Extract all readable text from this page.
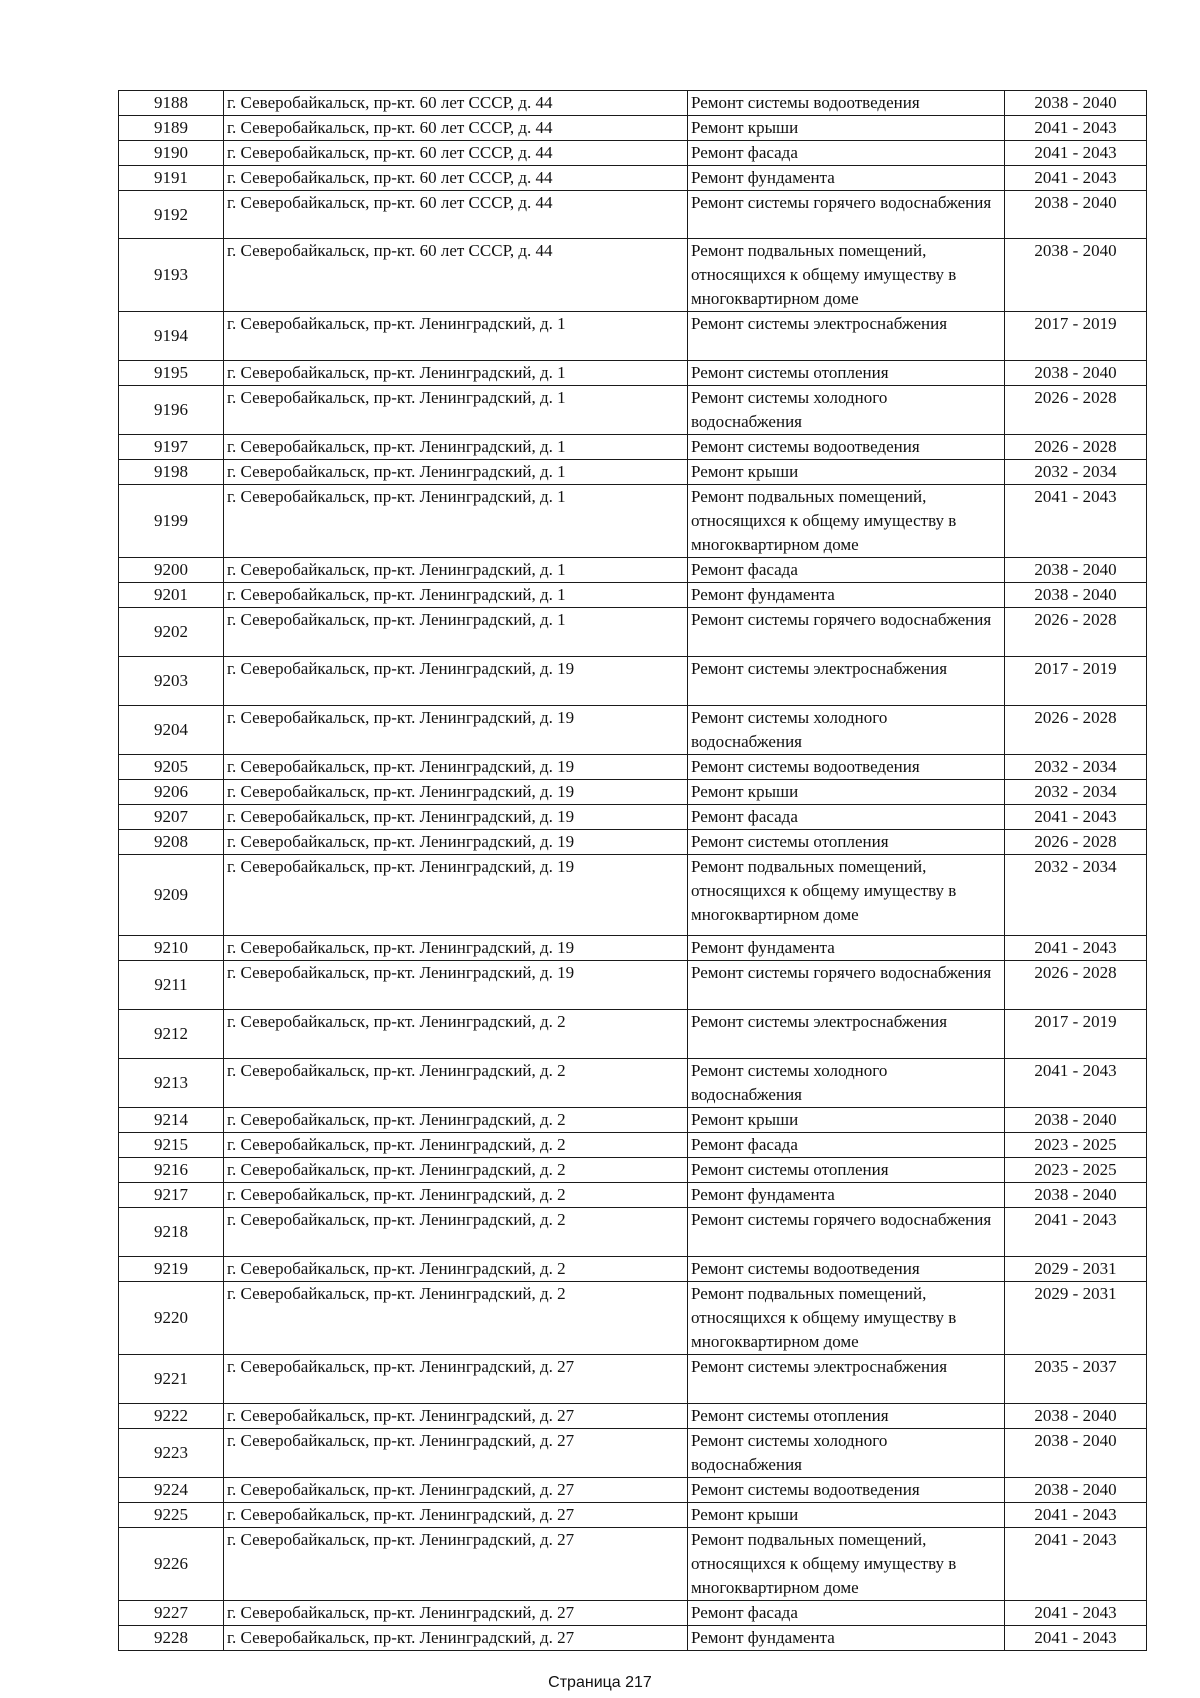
9188	г. Северобайкальск, пр-кт. 60 лет СССР, д. 44	Ремонт системы водоотведения	2038 - 2040
9189	г. Северобайкальск, пр-кт. 60 лет СССР, д. 44	Ремонт крыши	2041 - 2043
9190	г. Северобайкальск, пр-кт. 60 лет СССР, д. 44	Ремонт фасада	2041 - 2043
9191	г. Северобайкальск, пр-кт. 60 лет СССР, д. 44	Ремонт фундамента	2041 - 2043
9192	г. Северобайкальск, пр-кт. 60 лет СССР, д. 44	Ремонт системы горячего водоснабжения	2038 - 2040
9193	г. Северобайкальск, пр-кт. 60 лет СССР, д. 44	Ремонт подвальных помещений, относящихся к общему имуществу в многоквартирном доме	2038 - 2040
9194	г. Северобайкальск, пр-кт. Ленинградский, д. 1	Ремонт системы электроснабжения	2017 - 2019
9195	г. Северобайкальск, пр-кт. Ленинградский, д. 1	Ремонт системы отопления	2038 - 2040
9196	г. Северобайкальск, пр-кт. Ленинградский, д. 1	Ремонт системы холодного водоснабжения	2026 - 2028
9197	г. Северобайкальск, пр-кт. Ленинградский, д. 1	Ремонт системы водоотведения	2026 - 2028
9198	г. Северобайкальск, пр-кт. Ленинградский, д. 1	Ремонт крыши	2032 - 2034
9199	г. Северобайкальск, пр-кт. Ленинградский, д. 1	Ремонт подвальных помещений, относящихся к общему имуществу в многоквартирном доме	2041 - 2043
9200	г. Северобайкальск, пр-кт. Ленинградский, д. 1	Ремонт фасада	2038 - 2040
9201	г. Северобайкальск, пр-кт. Ленинградский, д. 1	Ремонт фундамента	2038 - 2040
9202	г. Северобайкальск, пр-кт. Ленинградский, д. 1	Ремонт системы горячего водоснабжения	2026 - 2028
9203	г. Северобайкальск, пр-кт. Ленинградский, д. 19	Ремонт системы электроснабжения	2017 - 2019
9204	г. Северобайкальск, пр-кт. Ленинградский, д. 19	Ремонт системы холодного водоснабжения	2026 - 2028
9205	г. Северобайкальск, пр-кт. Ленинградский, д. 19	Ремонт системы водоотведения	2032 - 2034
9206	г. Северобайкальск, пр-кт. Ленинградский, д. 19	Ремонт крыши	2032 - 2034
9207	г. Северобайкальск, пр-кт. Ленинградский, д. 19	Ремонт фасада	2041 - 2043
9208	г. Северобайкальск, пр-кт. Ленинградский, д. 19	Ремонт системы отопления	2026 - 2028
9209	г. Северобайкальск, пр-кт. Ленинградский, д. 19	Ремонт подвальных помещений, относящихся к общему имуществу в многоквартирном доме	2032 - 2034
9210	г. Северобайкальск, пр-кт. Ленинградский, д. 19	Ремонт фундамента	2041 - 2043
9211	г. Северобайкальск, пр-кт. Ленинградский, д. 19	Ремонт системы горячего водоснабжения	2026 - 2028
9212	г. Северобайкальск, пр-кт. Ленинградский, д. 2	Ремонт системы электроснабжения	2017 - 2019
9213	г. Северобайкальск, пр-кт. Ленинградский, д. 2	Ремонт системы холодного водоснабжения	2041 - 2043
9214	г. Северобайкальск, пр-кт. Ленинградский, д. 2	Ремонт крыши	2038 - 2040
9215	г. Северобайкальск, пр-кт. Ленинградский, д. 2	Ремонт фасада	2023 - 2025
9216	г. Северобайкальск, пр-кт. Ленинградский, д. 2	Ремонт системы отопления	2023 - 2025
9217	г. Северобайкальск, пр-кт. Ленинградский, д. 2	Ремонт фундамента	2038 - 2040
9218	г. Северобайкальск, пр-кт. Ленинградский, д. 2	Ремонт системы горячего водоснабжения	2041 - 2043
9219	г. Северобайкальск, пр-кт. Ленинградский, д. 2	Ремонт системы водоотведения	2029 - 2031
9220	г. Северобайкальск, пр-кт. Ленинградский, д. 2	Ремонт подвальных помещений, относящихся к общему имуществу в многоквартирном доме	2029 - 2031
9221	г. Северобайкальск, пр-кт. Ленинградский, д. 27	Ремонт системы электроснабжения	2035 - 2037
9222	г. Северобайкальск, пр-кт. Ленинградский, д. 27	Ремонт системы отопления	2038 - 2040
9223	г. Северобайкальск, пр-кт. Ленинградский, д. 27	Ремонт системы холодного водоснабжения	2038 - 2040
9224	г. Северобайкальск, пр-кт. Ленинградский, д. 27	Ремонт системы водоотведения	2038 - 2040
9225	г. Северобайкальск, пр-кт. Ленинградский, д. 27	Ремонт крыши	2041 - 2043
9226	г. Северобайкальск, пр-кт. Ленинградский, д. 27	Ремонт подвальных помещений, относящихся к общему имуществу в многоквартирном доме	2041 - 2043
9227	г. Северобайкальск, пр-кт. Ленинградский, д. 27	Ремонт фасада	2041 - 2043
9228	г. Северобайкальск, пр-кт. Ленинградский, д. 27	Ремонт фундамента	2041 - 2043
Страница 217
